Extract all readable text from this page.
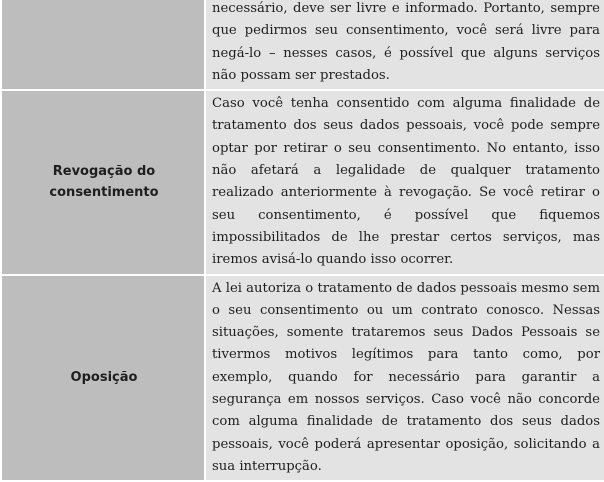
	necessário, deve ser livre e informado. Portanto, sempre que pedirmos seu consentimento, você será livre para negá-lo – nesses casos, é possível que alguns serviços não possam ser prestados.
Revogação do consentimento	Caso você tenha consentido com alguma finalidade de tratamento dos seus dados pessoais, você pode sempre optar por retirar o seu consentimento. No entanto, isso não afetará a legalidade de qualquer tratamento realizado anteriormente à revogação. Se você retirar o seu consentimento, é possível que fiquemos impossibilitados de lhe prestar certos serviços, mas iremos avisá-lo quando isso ocorrer.
Oposição	A lei autoriza o tratamento de dados pessoais mesmo sem o seu consentimento ou um contrato conosco. Nessas situações, somente trataremos seus Dados Pessoais se tivermos motivos legítimos para tanto como, por exemplo, quando for necessário para garantir a segurança em nossos serviços. Caso você não concorde com alguma finalidade de tratamento dos seus dados pessoais, você poderá apresentar oposição, solicitando a sua interrupção.
